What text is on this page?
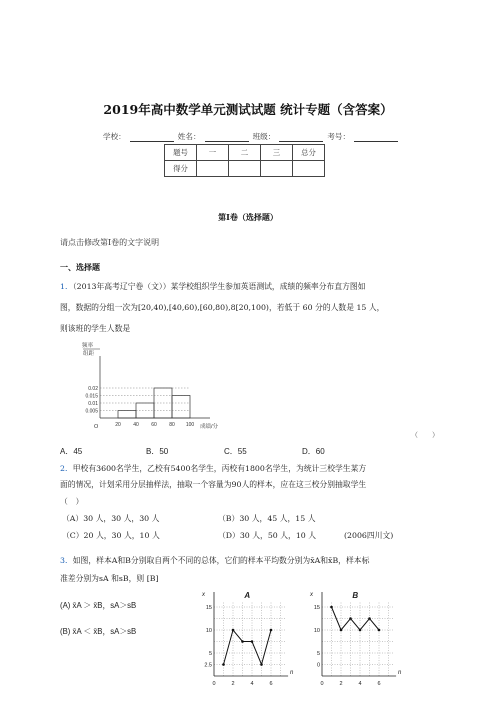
2019年高中数学单元测试试题 统计专题（含答案）
学校：	姓名：	班级：	考号：
题号	一	二	三	总分
得分				
第I卷（选择题）
请点击修改第I卷的文字说明
一、选择题
1．（2013年高考辽宁卷（文））某学校组织学生参加英语测试，成绩的频率分布直方图如
图，数据的分组一次为[20,40),[40,60),[60,80),8[20,100)，若低于 60 分的人数是 15 人，
则该班的学生人数是
0.02
0.015
0.01
0.005
20 40 60 80 100
频率
组距
O	成绩/分
（　　）
A．45	B．50	C．55	D．60
2．甲校有3600名学生，乙校有5400名学生，丙校有1800名学生，为统计三校学生某方
面的情况，计划采用分层抽样法，抽取一个容量为90人的样本，应在这三校分别抽取学生
（　）
（A）30 人，30 人，30 人	（B）30 人，45 人，15 人
（C）20 人，30 人，10 人	（D）30 人，50 人，10 人	(2006四川文)
3．如图，样本A和B分别取自两个不同的总体，它们的样本平均数分别为x̄A和x̄B，样本标
准差分别为sA 和sB，则 [B]
(A) x̄A ＞ x̄B，sA＞sB
(B) x̄A ＜ x̄B，sA＞sB
x
n
A
15
10
5
2.5
0	2	4	6
x
n
B
15
10
5
0
0	2	4	6
